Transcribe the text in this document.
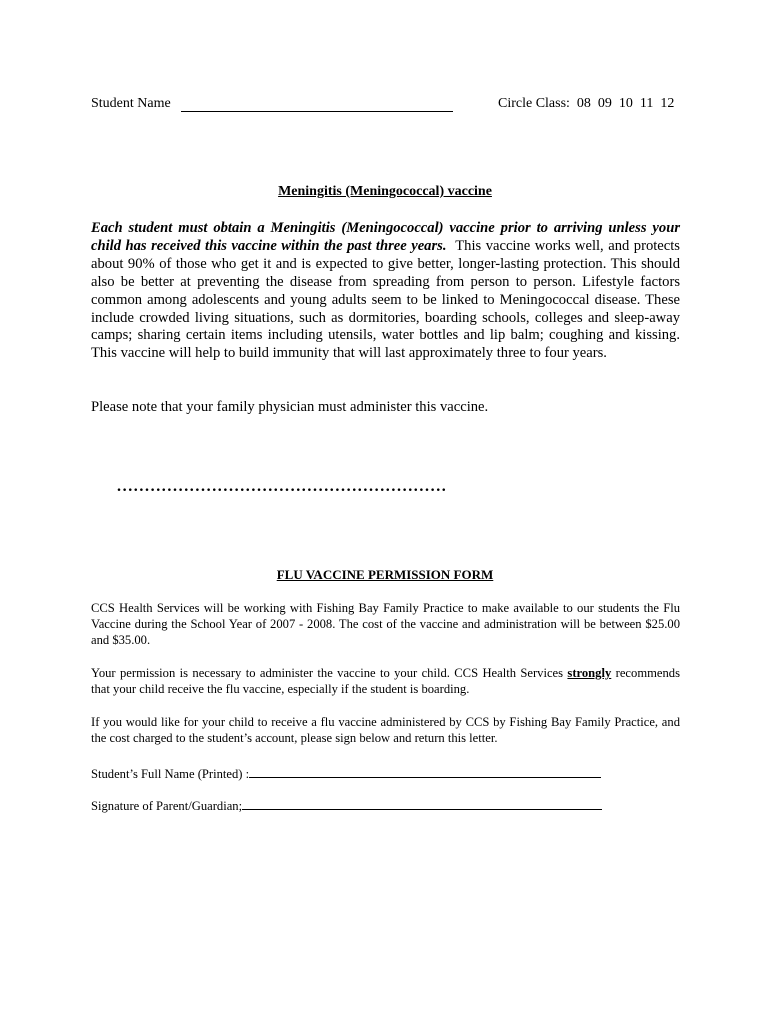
Student Name	Circle Class:  08  09  10  11  12
Meningitis (Meningococcal) vaccine

Each student must obtain a Meningitis (Meningococcal) vaccine prior to arriving unless your child has received this vaccine within the past three years. This vaccine works well, and protects about 90% of those who get it and is expected to give better, longer-lasting protection. This should also be better at preventing the disease from spreading from person to person. Lifestyle factors common among adolescents and young adults seem to be linked to Meningococcal disease. These include crowded living situations, such as dormitories, boarding schools, colleges and sleep-away camps; sharing certain items including utensils, water bottles and lip balm; coughing and kissing. This vaccine will help to build immunity that will last approximately three to four years.

Please note that your family physician must administer this vaccine.

...........................................................
FLU VACCINE PERMISSION FORM

CCS Health Services will be working with Fishing Bay Family Practice to make available to our students the Flu Vaccine during the School Year of 2007 - 2008. The cost of the vaccine and administration will be between $25.00 and $35.00.

Your permission is necessary to administer the vaccine to your child. CCS Health Services strongly recommends that your child receive the flu vaccine, especially if the student is boarding.

If you would like for your child to receive a flu vaccine administered by CCS by Fishing Bay Family Practice, and the cost charged to the student’s account, please sign below and return this letter.

Student’s Full Name (Printed) :
Signature of Parent/Guardian;
